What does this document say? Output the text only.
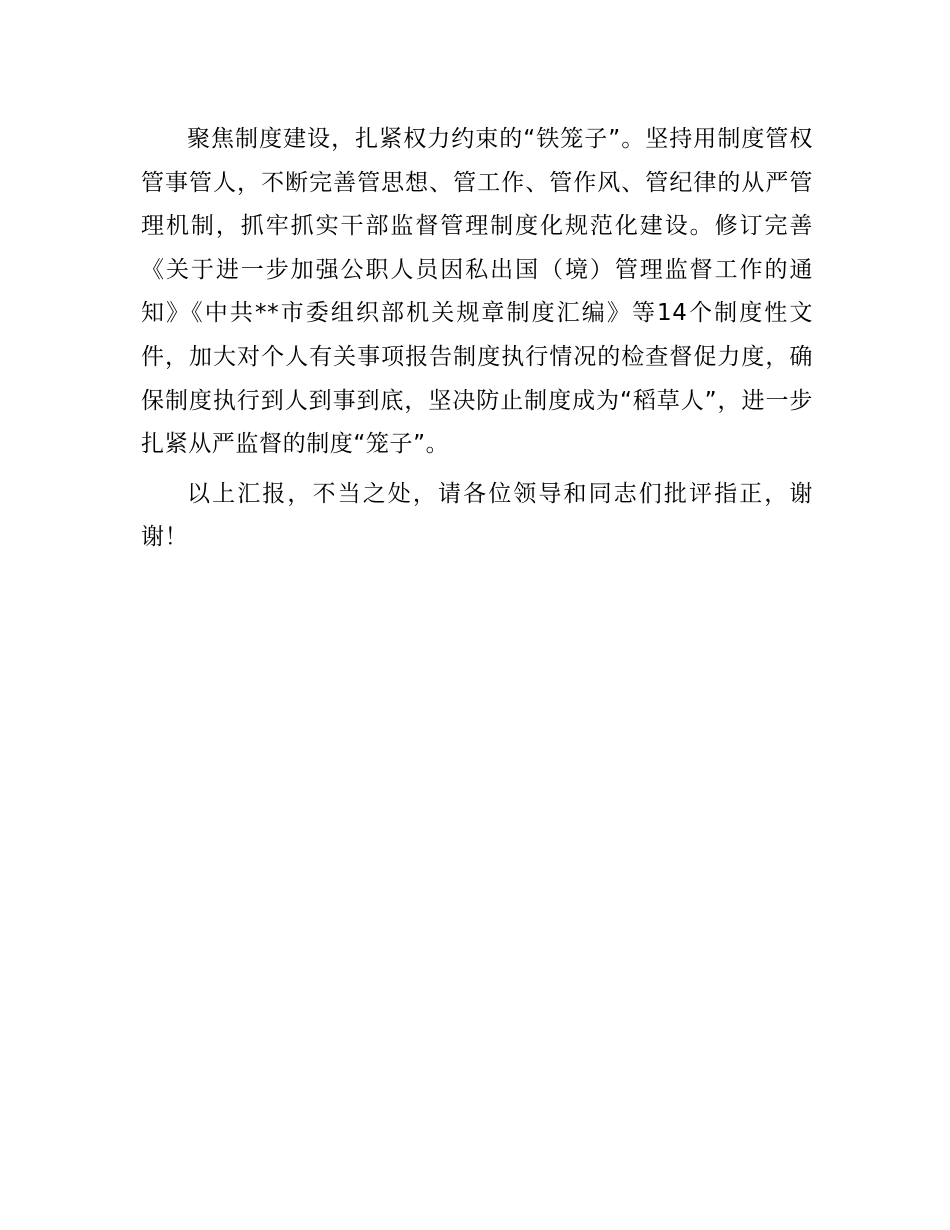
聚焦制度建设，扎紧权力约束的“铁笼子”。坚持用制度管权管事管人，不断完善管思想、管工作、管作风、管纪律的从严管理机制，抓牢抓实干部监督管理制度化规范化建设。修订完善《关于进一步加强公职人员因私出国（境）管理监督工作的通知》《中共**市委组织部机关规章制度汇编》等14个制度性文件，加大对个人有关事项报告制度执行情况的检查督促力度，确保制度执行到人到事到底，坚决防止制度成为“稻草人”，进一步扎紧从严监督的制度“笼子”。

以上汇报，不当之处，请各位领导和同志们批评指正，谢谢！
